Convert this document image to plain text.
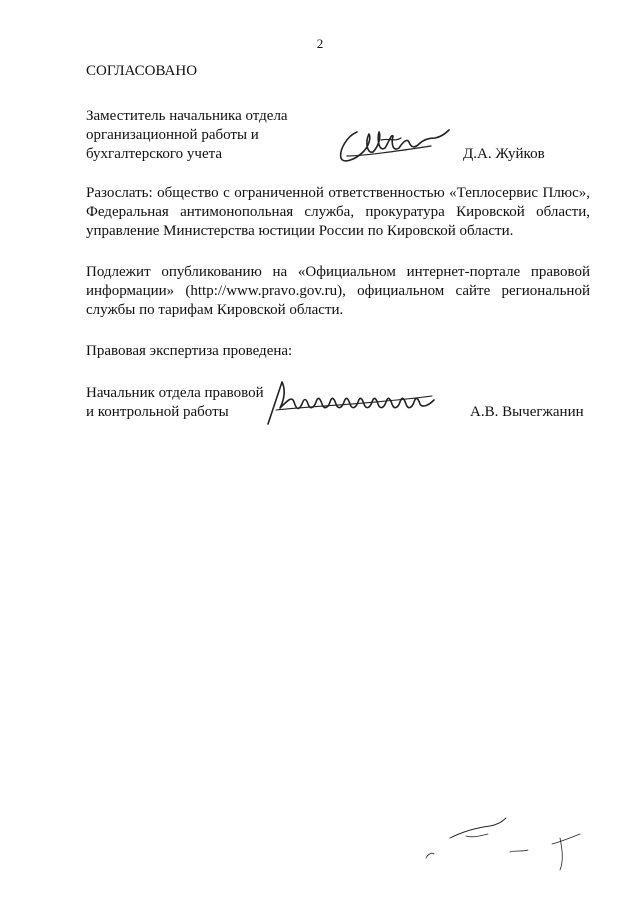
2
СОГЛАСОВАНО
Заместитель начальника отдела
организационной работы и
бухгалтерского учета	Д.А. Жуйков
Разослать: общество с ограниченной ответственностью «Теплосервис Плюс», Федеральная антимонопольная служба, прокуратура Кировской области, управление Министерства юстиции России по Кировской области.
Подлежит опубликованию на «Официальном интернет-портале правовой информации» (http://www.pravo.gov.ru), официальном сайте региональной службы по тарифам Кировской области.
Правовая экспертиза проведена:
Начальник отдела правовой
и контрольной работы	А.В. Вычегжанин
